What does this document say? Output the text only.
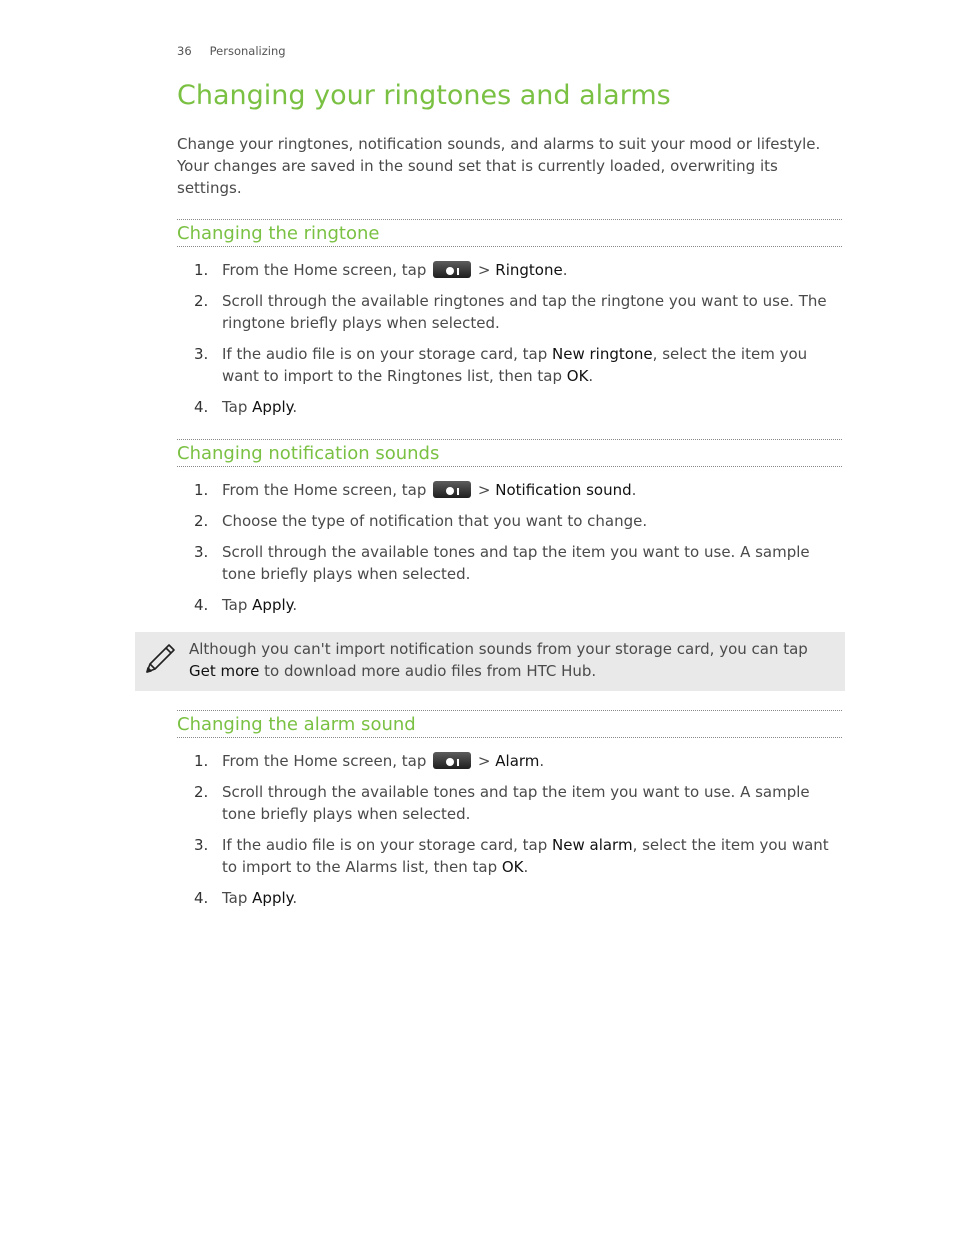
36 Personalizing
Changing your ringtones and alarms

Change your ringtones, notification sounds, and alarms to suit your mood or lifestyle. Your changes are saved in the sound set that is currently loaded, overwriting its settings.

Changing the ringtone
1. From the Home screen, tap	> Ringtone.
2. Scroll through the available ringtones and tap the ringtone you want to use. The ringtone briefly plays when selected.
3. If the audio file is on your storage card, tap New ringtone, select the item you want to import to the Ringtones list, then tap OK.
4. Tap Apply.
Changing notification sounds
1. From the Home screen, tap	> Notification sound.
2. Choose the type of notification that you want to change.
3. Scroll through the available tones and tap the item you want to use. A sample tone briefly plays when selected.
4. Tap Apply.
Although you can't import notification sounds from your storage card, you can tap Get more to download more audio files from HTC Hub.
Changing the alarm sound
1. From the Home screen, tap	> Alarm.
2. Scroll through the available tones and tap the item you want to use. A sample tone briefly plays when selected.
3. If the audio file is on your storage card, tap New alarm, select the item you want to import to the Alarms list, then tap OK.
4. Tap Apply.
